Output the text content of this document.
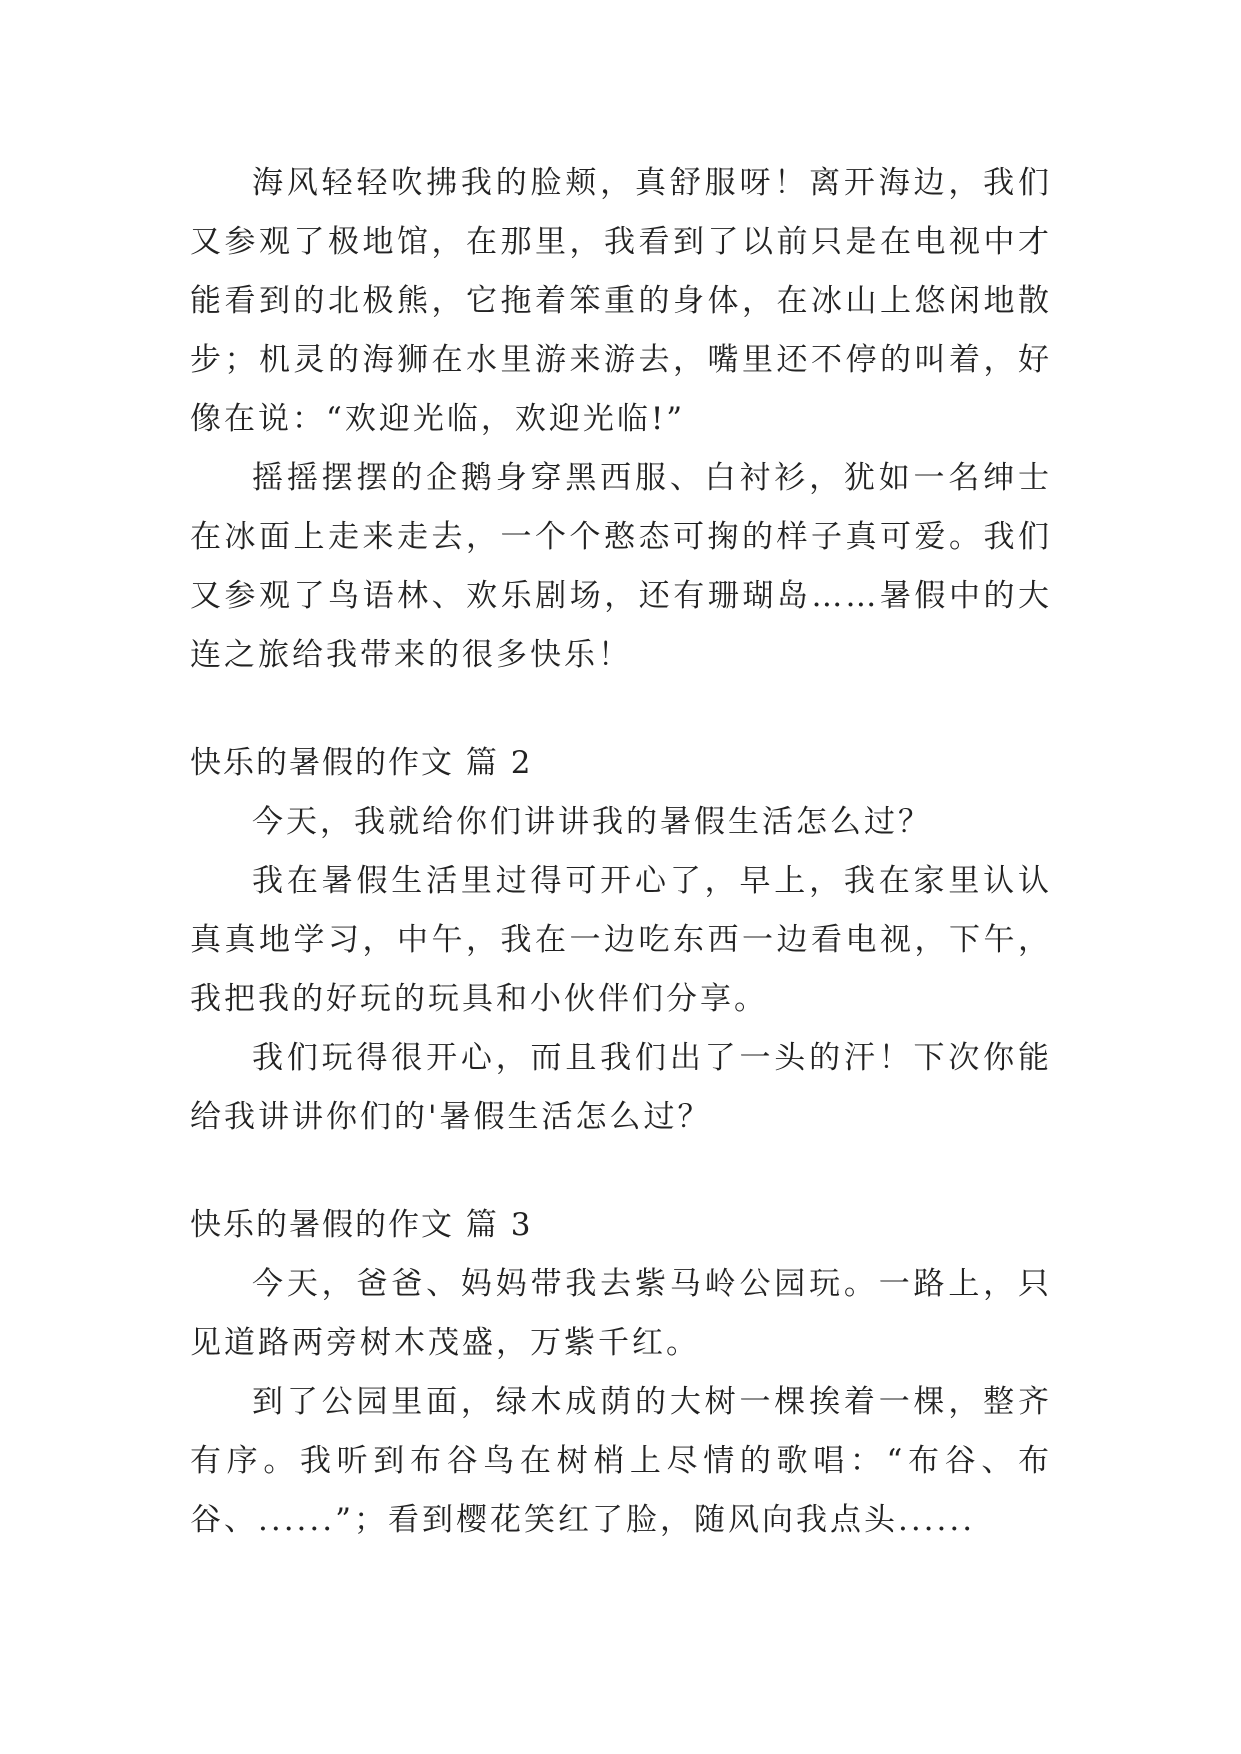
海风轻轻吹拂我的脸颊，真舒服呀！离开海边，我们又参观了极地馆，在那里，我看到了以前只是在电视中才能看到的北极熊，它拖着笨重的身体，在冰山上悠闲地散步；机灵的海狮在水里游来游去，嘴里还不停的叫着，好像在说：“欢迎光临，欢迎光临!”

摇摇摆摆的企鹅身穿黑西服、白衬衫，犹如一名绅士在冰面上走来走去，一个个憨态可掬的样子真可爱。我们又参观了鸟语林、欢乐剧场，还有珊瑚岛……暑假中的大连之旅给我带来的很多快乐！

快乐的暑假的作文 篇 2

今天，我就给你们讲讲我的暑假生活怎么过？

我在暑假生活里过得可开心了，早上，我在家里认认真真地学习，中午，我在一边吃东西一边看电视，下午，我把我的好玩的玩具和小伙伴们分享。

我们玩得很开心，而且我们出了一头的汗！下次你能给我讲讲你们的'暑假生活怎么过？

快乐的暑假的作文 篇 3

今天，爸爸、妈妈带我去紫马岭公园玩。一路上，只见道路两旁树木茂盛，万紫千红。

到了公园里面，绿木成荫的大树一棵挨着一棵，整齐有序。我听到布谷鸟在树梢上尽情的歌唱：“布谷、布谷、......”；看到樱花笑红了脸，随风向我点头......
